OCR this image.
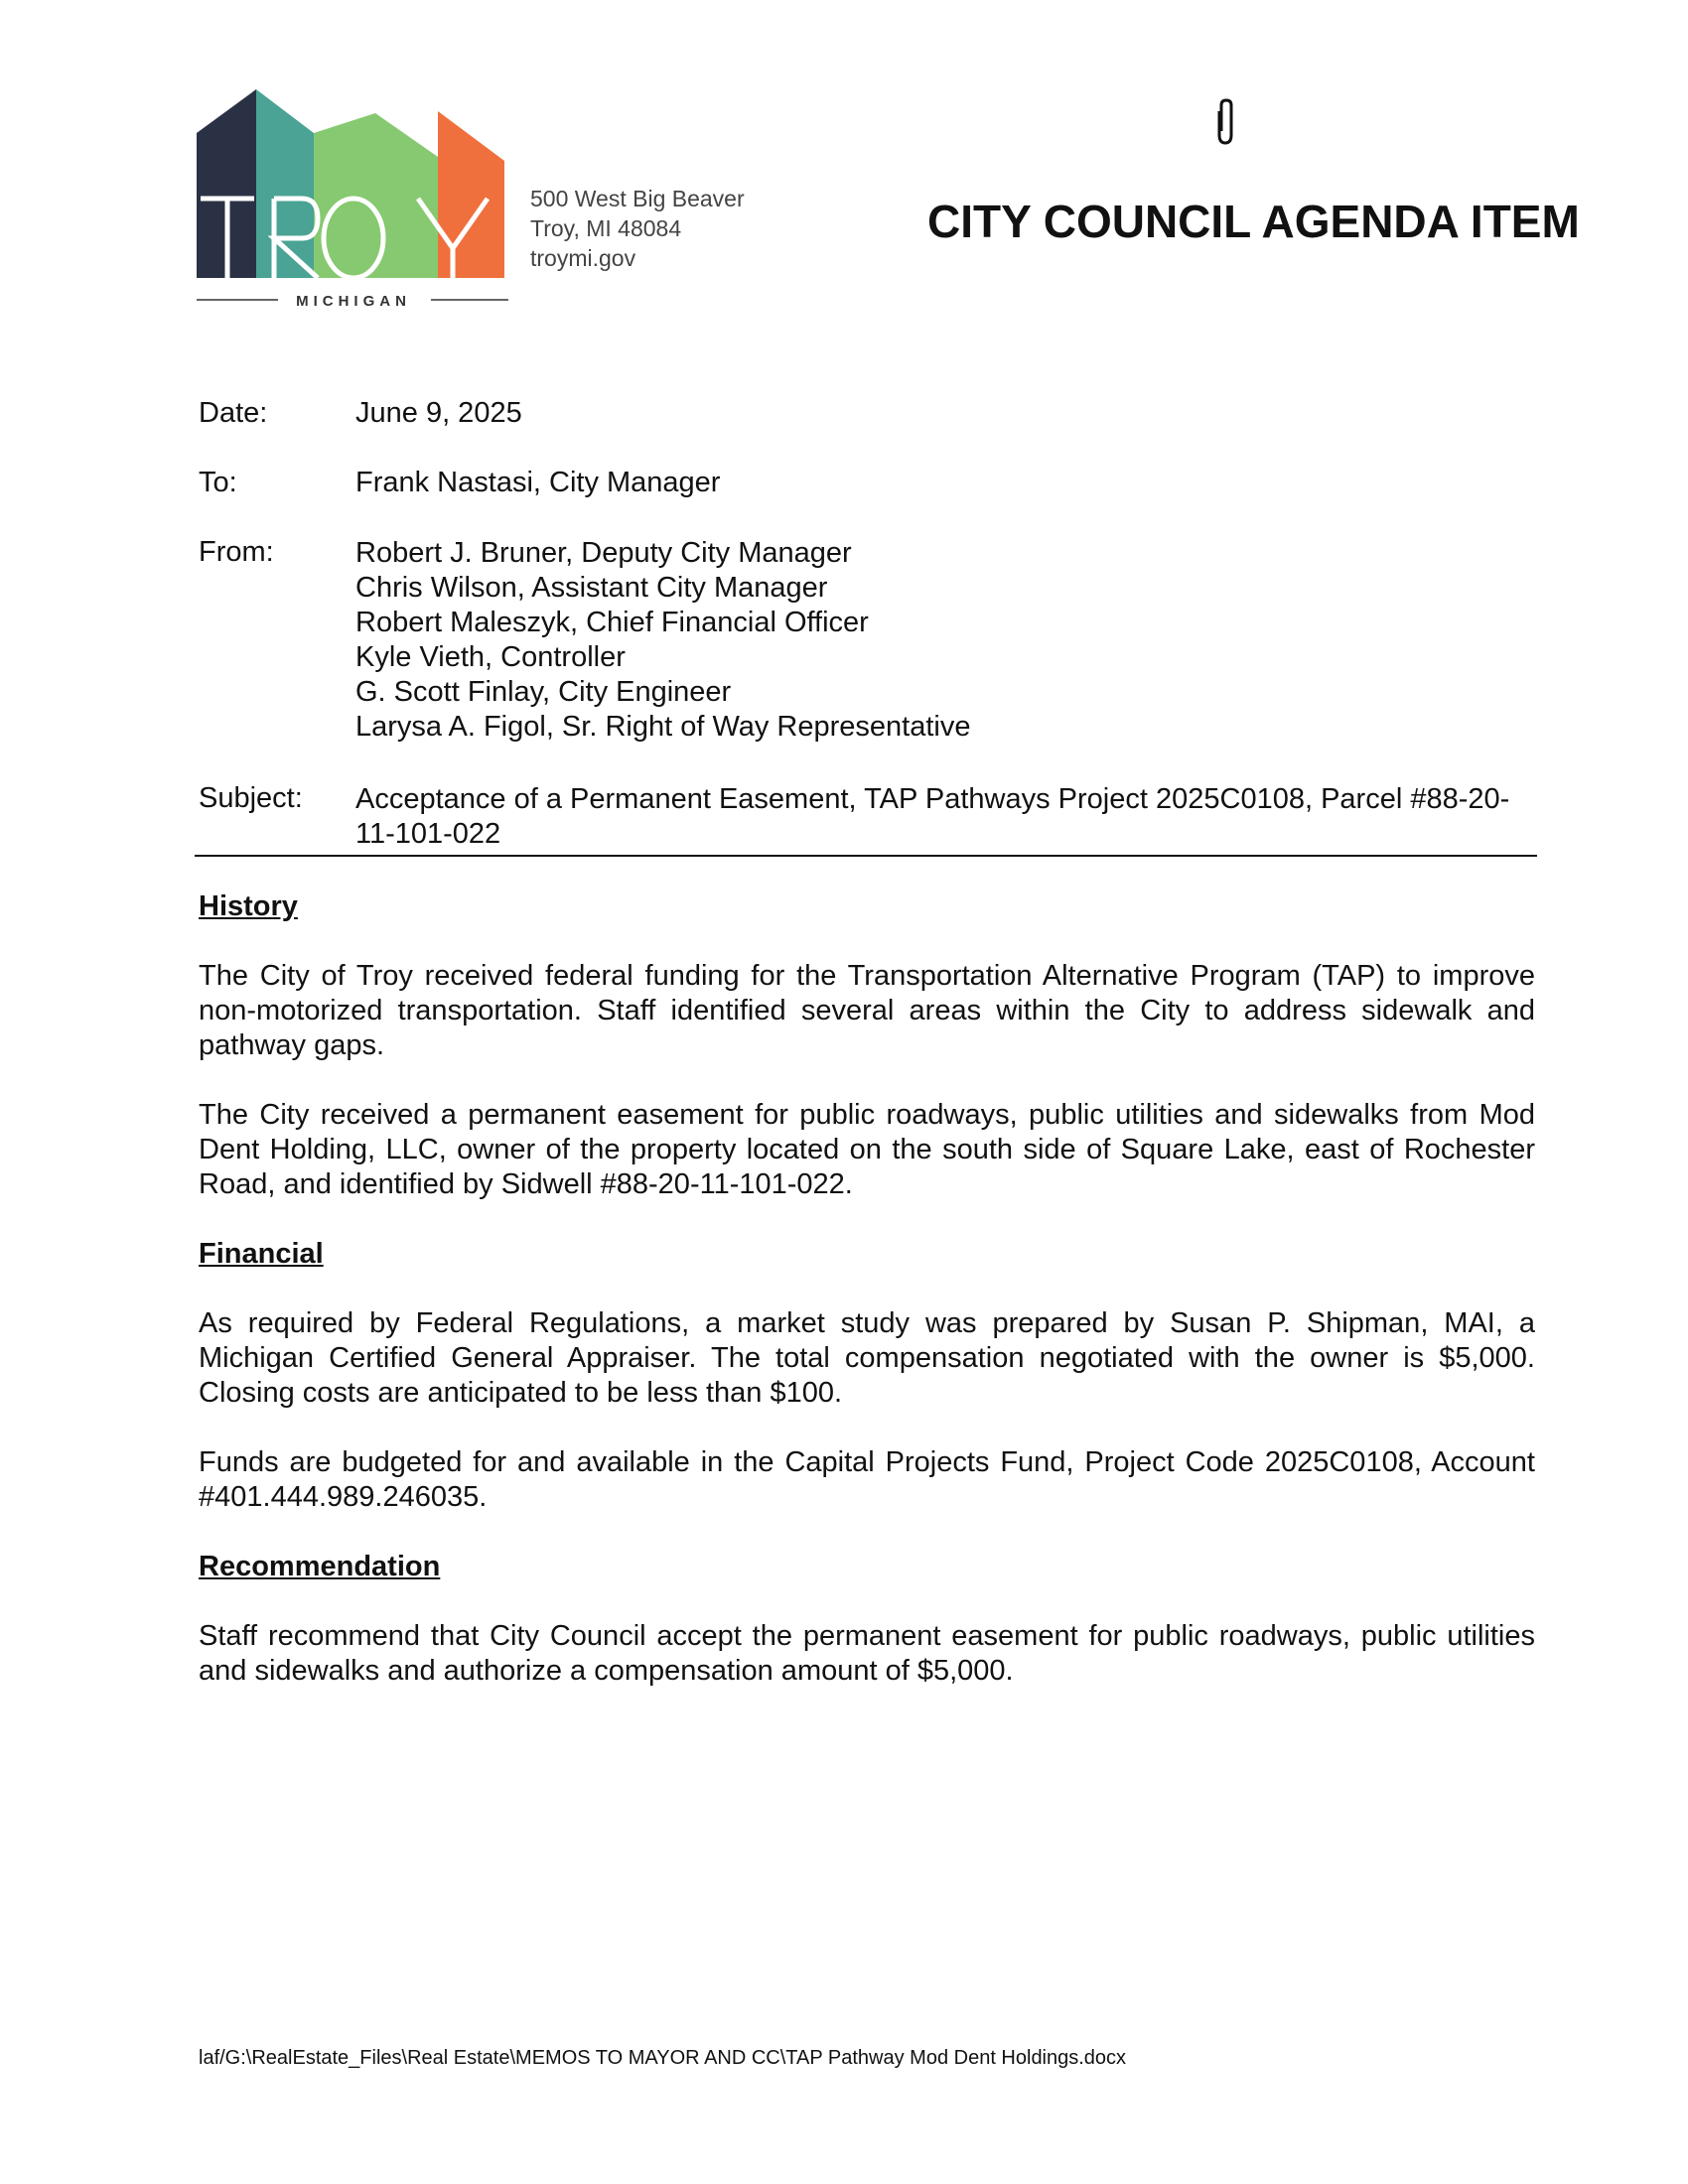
MICHIGAN
500 West Big Beaver
Troy, MI 48084
troymi.gov
CITY COUNCIL AGENDA ITEM
Date:	June 9, 2025
To:	Frank Nastasi, City Manager
From:	Robert J. Bruner, Deputy City Manager
Chris Wilson, Assistant City Manager
Robert Maleszyk, Chief Financial Officer
Kyle Vieth, Controller
G. Scott Finlay, City Engineer
Larysa A. Figol, Sr. Right of Way Representative
Subject:	Acceptance of a Permanent Easement, TAP Pathways Project 2025C0108, Parcel #88-20-11-101-022
History

The City of Troy received federal funding for the Transportation Alternative Program (TAP) to improve non-motorized transportation. Staff identified several areas within the City to address sidewalk and pathway gaps.

The City received a permanent easement for public roadways, public utilities and sidewalks from Mod Dent Holding, LLC, owner of the property located on the south side of Square Lake, east of Rochester Road, and identified by Sidwell #88-20-11-101-022.

Financial

As required by Federal Regulations, a market study was prepared by Susan P. Shipman, MAI, a Michigan Certified General Appraiser. The total compensation negotiated with the owner is $5,000. Closing costs are anticipated to be less than $100.

Funds are budgeted for and available in the Capital Projects Fund, Project Code 2025C0108, Account #401.444.989.246035.

Recommendation

Staff recommend that City Council accept the permanent easement for public roadways, public utilities and sidewalks and authorize a compensation amount of $5,000.

laf/G:\RealEstate_Files\Real Estate\MEMOS TO MAYOR AND CC\TAP Pathway Mod Dent Holdings.docx
